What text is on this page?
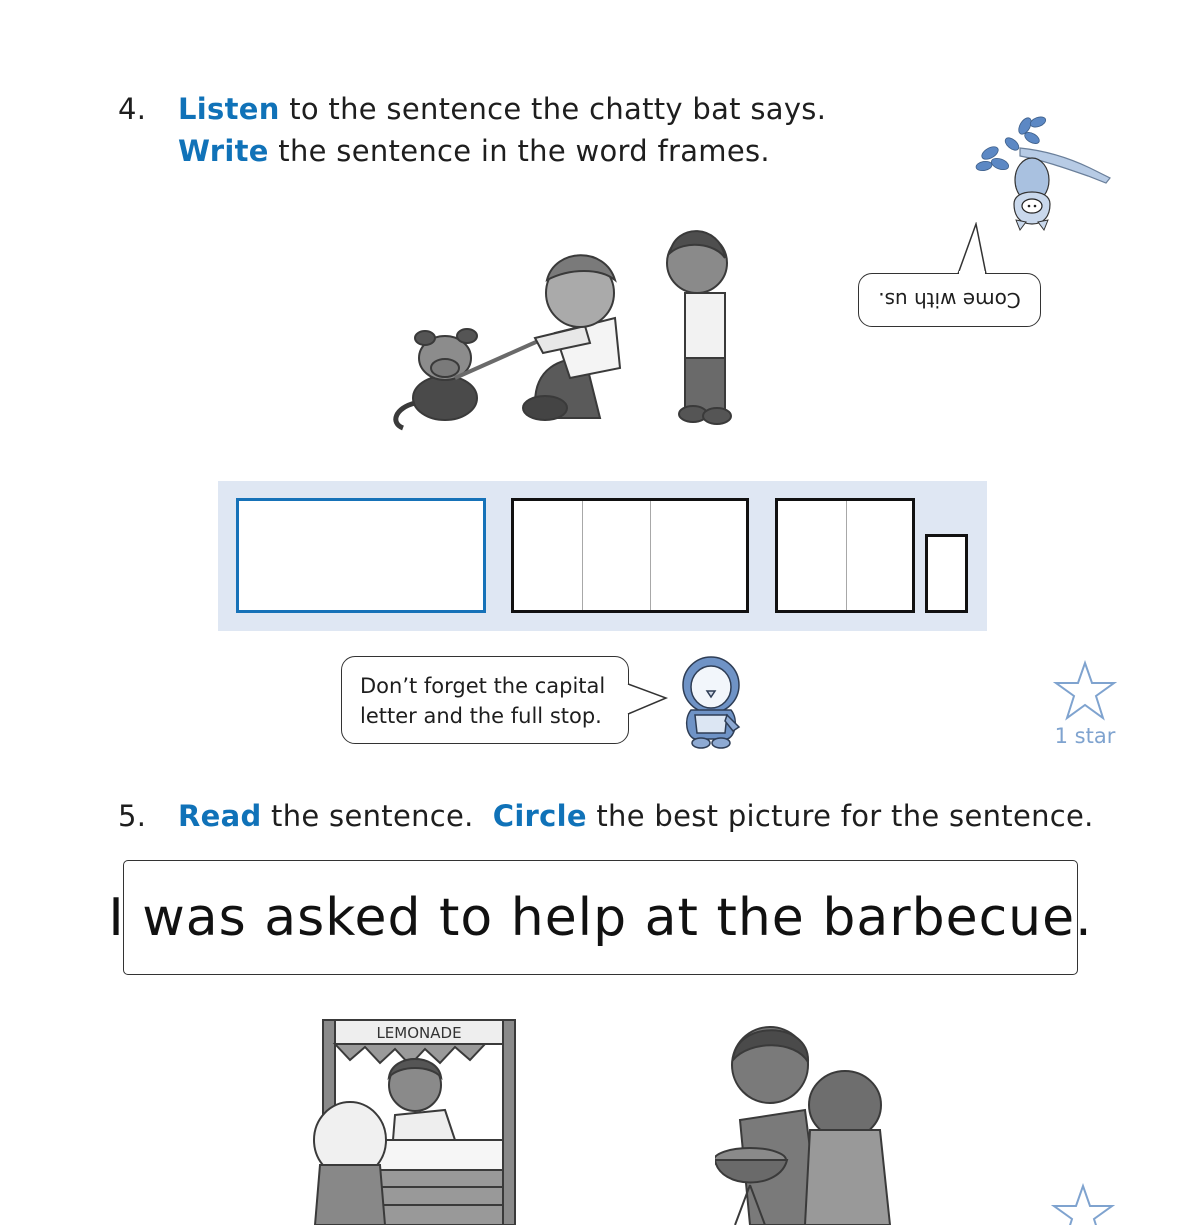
4. Listen to the sentence the chatty bat says.
Write the sentence in the word frames.
Come with us.
Don’t forget the capital
letter and the full stop.
1 star
5. Read the sentence.  Circle the best picture for the sentence.
I was asked to help at the barbecue.
LEMONADE
